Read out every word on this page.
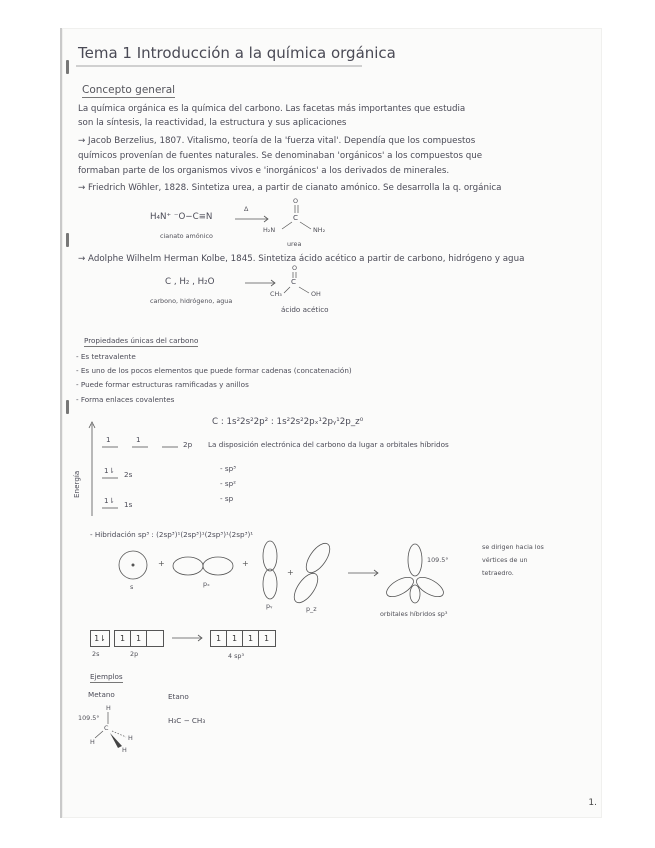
Tema 1 Introducción a la química orgánica
Concepto general
La química orgánica es la química del carbono. Las facetas más importantes que estudia
son la síntesis, la reactividad, la estructura y sus aplicaciones
→ Jacob Berzelius, 1807. Vitalismo, teoría de la 'fuerza vital'. Dependía que los compuestos
químicos provenían de fuentes naturales. Se denominaban 'orgánicos' a los compuestos que
formaban parte de los organismos vivos e 'inorgánicos' a los derivados de minerales.
→ Friedrich Wöhler, 1828. Sintetiza urea, a partir de cianato amónico. Se desarrolla la q. orgánica
H₄N⁺ ⁻O−C≡N
Δ
O
C
H₂N	NH₂
cianato amónico
urea
→ Adolphe Wilhelm Herman Kolbe, 1845. Sintetiza ácido acético a partir de carbono, hidrógeno y agua
C , H₂ , H₂O
O
C
CH₃	OH
carbono, hidrógeno, agua
ácido acético
Propiedades únicas del carbono
- Es tetravalente
- Es uno de los pocos elementos que puede formar cadenas (concatenación)
- Puede formar estructuras ramificadas y anillos
- Forma enlaces covalentes
C : 1s²2s²2p² : 1s²2s²2pₓ¹2pᵧ¹2p_z⁰
Energía
1	1
2p
1⇂ 2s
1⇂ 1s
La disposición electrónica del carbono da lugar a orbitales híbridos
- sp³
- sp²
- sp
- Hibridación sp³ : (2sp³)¹(2sp³)¹(2sp³)¹(2sp³)¹
+	+
+
s	pₓ
pᵧ	p_z
109.5°
orbitales híbridos sp³
se dirigen hacia los
vértices de un
tetraedro.
1⇂	1	1	1	1	1	1
2s	2p	4 sp³
Ejemplos
Metano	Etano
H₃C − CH₃
H
109.5°
C
H	H
H
1.
